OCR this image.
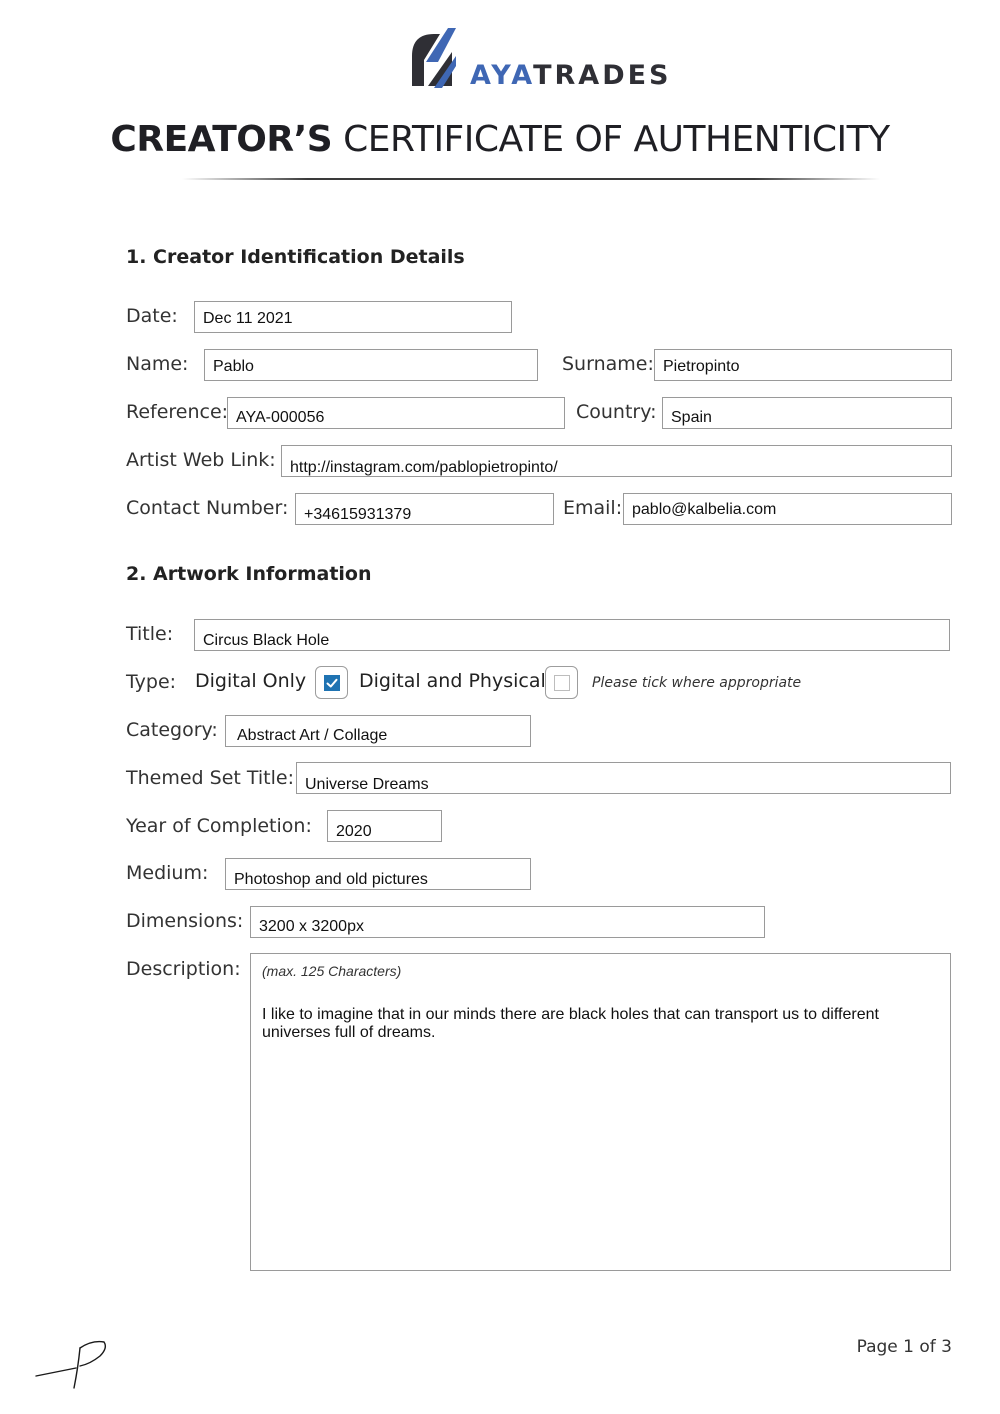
AYATRADES
CREATOR’S CERTIFICATE OF AUTHENTICITY
1. Creator Identification Details
Date:	Dec 11 2021
Name:	Pablo	Surname: Pietropinto
Reference: AYA-000056	Country: Spain
Artist Web Link: http://instagram.com/pablopietropinto/
Contact Number: +34615931379	Email: pablo@kalbelia.com
2. Artwork Information
Title:	Circus Black Hole
Type: Digital Only	Digital and Physical	Please tick where appropriate
Category:	Abstract Art / Collage
Themed Set Title: Universe Dreams
Year of Completion:	2020
Medium:	Photoshop and old pictures
Dimensions: 3200 x 3200px
Description: (max. 125 Characters)
I like to imagine that in our minds there are black holes that can transport us to different universes full of dreams.
Page 1 of 3
